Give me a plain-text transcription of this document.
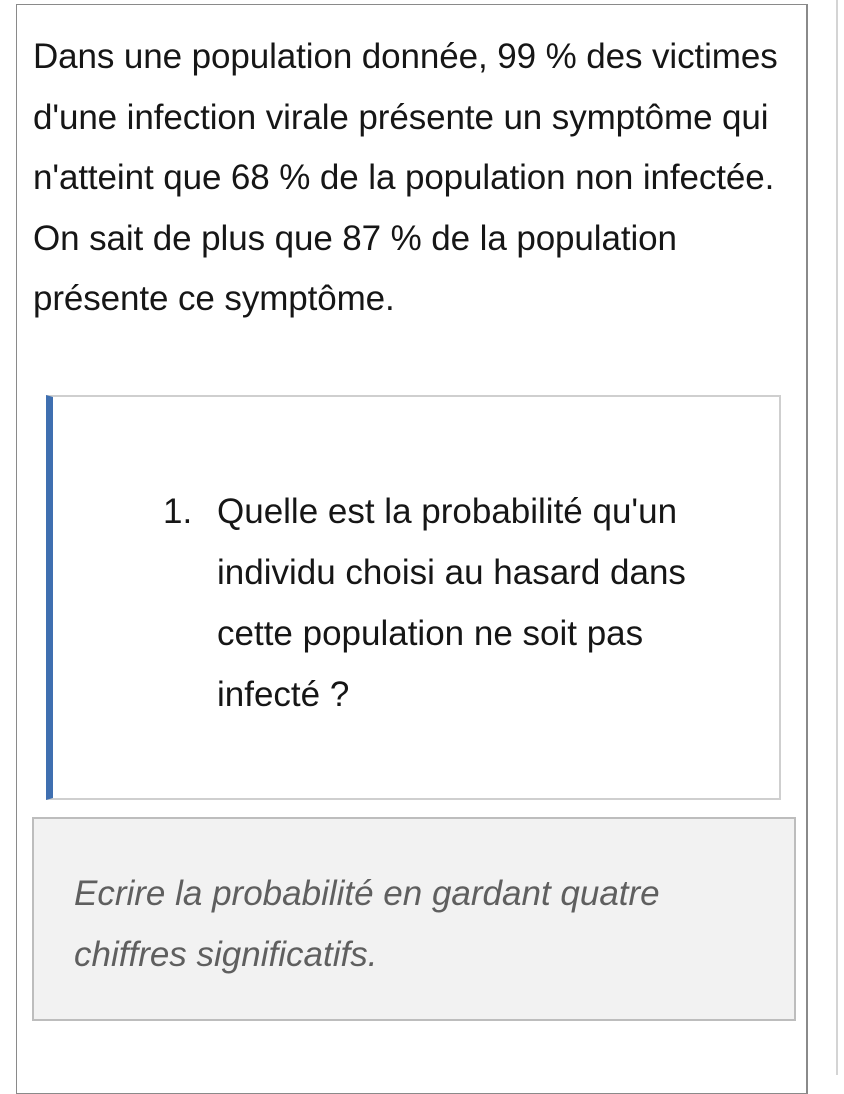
Dans une population donnée, 99 % des victimes d'une infection virale présente un symptôme qui n'atteint que 68 % de la population non infectée. On sait de plus que 87 % de la population présente ce symptôme.

1. Quelle est la probabilité qu'un individu choisi au hasard dans cette population ne soit pas infecté ?

Ecrire la probabilité en gardant quatre chiffres significatifs.
